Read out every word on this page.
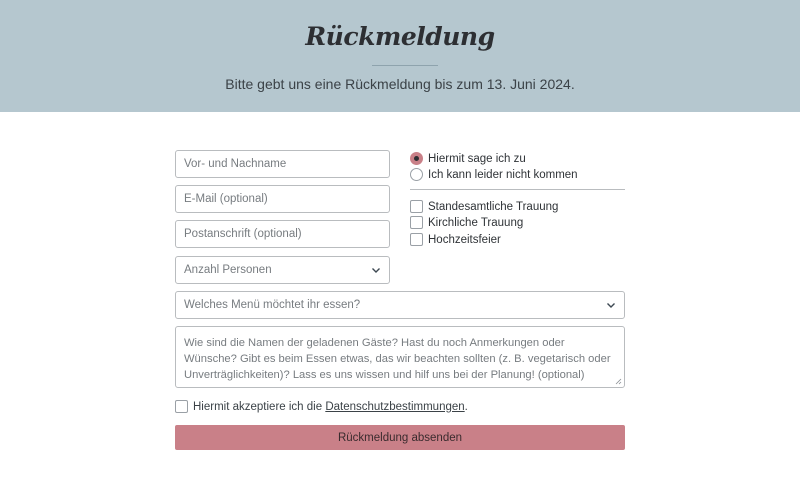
Rückmeldung
Bitte gebt uns eine Rückmeldung bis zum 13. Juni 2024.
Vor- und Nachname
E-Mail (optional)
Postanschrift (optional)
Anzahl Personen
Hiermit sage ich zu
Ich kann leider nicht kommen
Standesamtliche Trauung
Kirchliche Trauung
Hochzeitsfeier
Welches Menü möchtet ihr essen?
Wie sind die Namen der geladenen Gäste? Hast du noch Anmerkungen oder Wünsche? Gibt es beim Essen etwas, das wir beachten sollten (z. B. vegetarisch oder Unverträglichkeiten)? Lass es uns wissen und hilf uns bei der Planung! (optional)
Hiermit akzeptiere ich die Datenschutzbestimmungen.
Rückmeldung absenden
